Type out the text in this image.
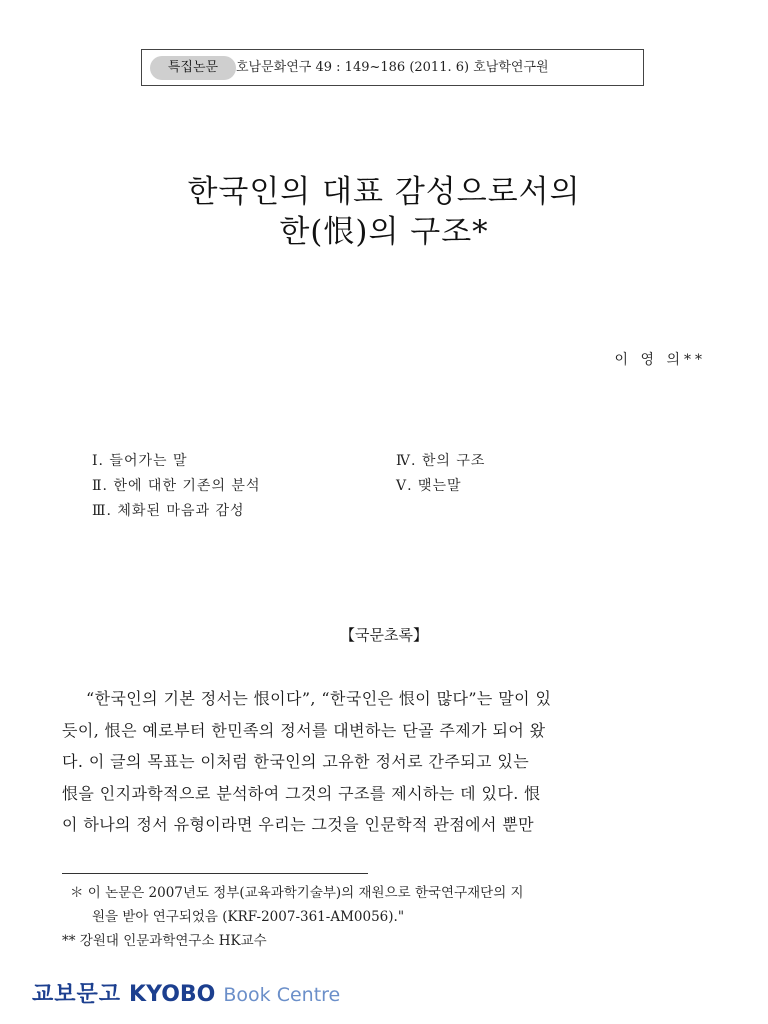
특집논문	호남문화연구 49 : 149~186 (2011. 6) 호남학연구원
한국인의 대표 감성으로서의
한(恨)의 구조*
이 영 의**
Ⅰ. 들어가는 말
Ⅱ. 한에 대한 기존의 분석
Ⅲ. 체화된 마음과 감성
Ⅳ. 한의 구조
Ⅴ. 맺는말
【국문초록】
“한국인의 기본 정서는 恨이다”, “한국인은 恨이 많다”는 말이 있
듯이, 恨은 예로부터 한민족의 정서를 대변하는 단골 주제가 되어 왔
다. 이 글의 목표는 이처럼 한국인의 고유한 정서로 간주되고 있는
恨을 인지과학적으로 분석하여 그것의 구조를 제시하는 데 있다. 恨
이 하나의 정서 유형이라면 우리는 그것을 인문학적 관점에서 뿐만
＊ 이 논문은 2007년도 정부(교육과학기술부)의 재원으로 한국연구재단의 지
원을 받아 연구되었음 (KRF-2007-361-AM0056)."
** 강원대 인문과학연구소 HK교수
교보문고 KYOBO Book Centre
